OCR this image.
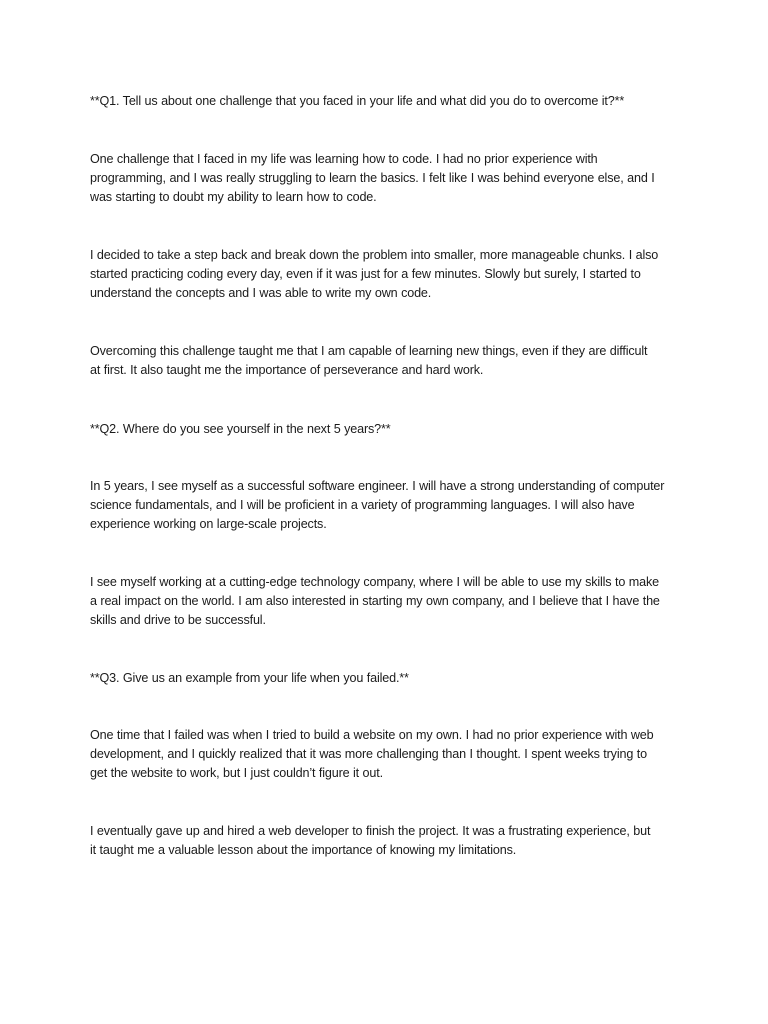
**Q1. Tell us about one challenge that you faced in your life and what did you do to overcome it?**

One challenge that I faced in my life was learning how to code. I had no prior experience with
programming, and I was really struggling to learn the basics. I felt like I was behind everyone else, and I
was starting to doubt my ability to learn how to code.

I decided to take a step back and break down the problem into smaller, more manageable chunks. I also
started practicing coding every day, even if it was just for a few minutes. Slowly but surely, I started to
understand the concepts and I was able to write my own code.

Overcoming this challenge taught me that I am capable of learning new things, even if they are difficult
at first. It also taught me the importance of perseverance and hard work.

**Q2. Where do you see yourself in the next 5 years?**

In 5 years, I see myself as a successful software engineer. I will have a strong understanding of computer
science fundamentals, and I will be proficient in a variety of programming languages. I will also have
experience working on large-scale projects.

I see myself working at a cutting-edge technology company, where I will be able to use my skills to make
a real impact on the world. I am also interested in starting my own company, and I believe that I have the
skills and drive to be successful.

**Q3. Give us an example from your life when you failed.**

One time that I failed was when I tried to build a website on my own. I had no prior experience with web
development, and I quickly realized that it was more challenging than I thought. I spent weeks trying to
get the website to work, but I just couldn’t figure it out.

I eventually gave up and hired a web developer to finish the project. It was a frustrating experience, but
it taught me a valuable lesson about the importance of knowing my limitations.
